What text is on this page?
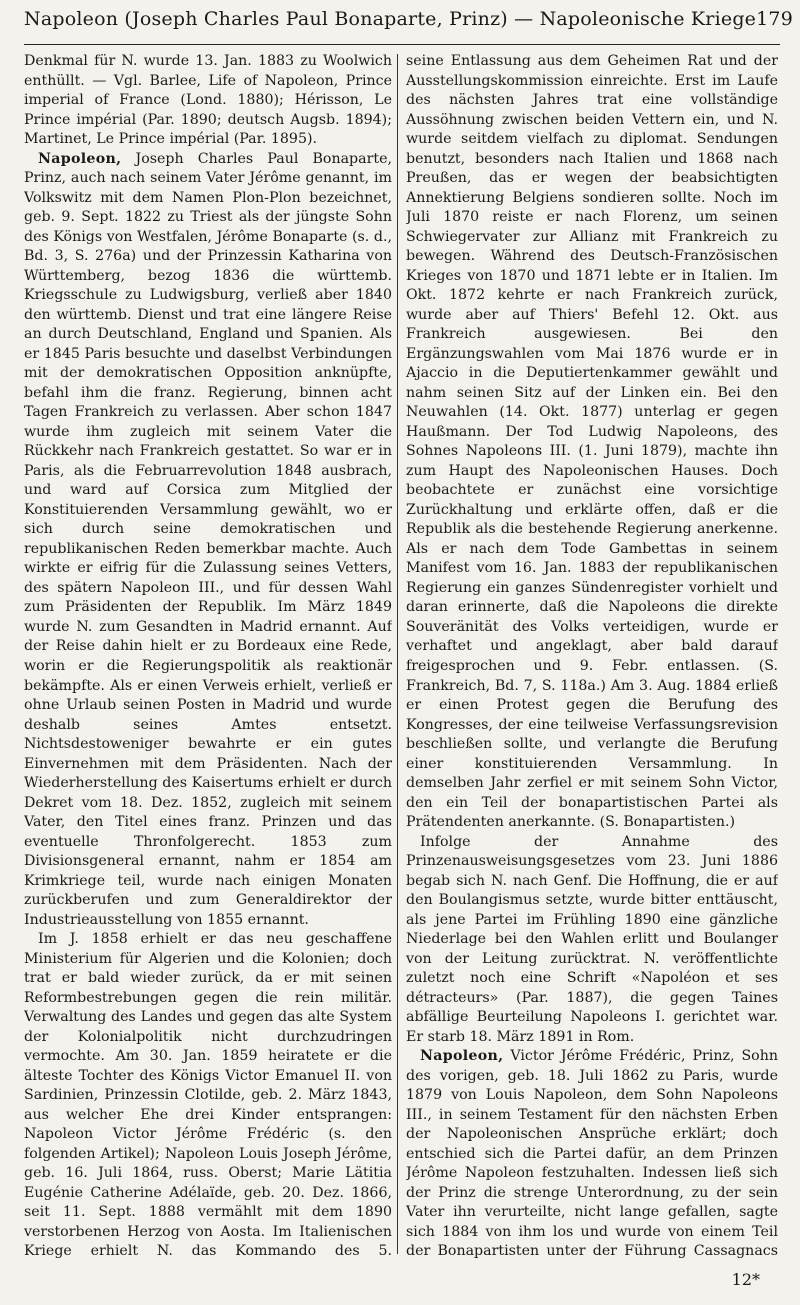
Napoleon (Joseph Charles Paul Bonaparte, Prinz) — Napoleonische Kriege 179

Denkmal für N. wurde 13. Jan. 1883 zu Woolwich enthüllt. — Vgl. Barlee, Life of Napoleon, Prince imperial of France (Lond. 1880); Hérisson, Le Prince impérial (Par. 1890; deutsch Augsb. 1894); Martinet, Le Prince impérial (Par. 1895).

Napoleon, Joseph Charles Paul Bonaparte, Prinz, auch nach seinem Vater Jérôme genannt, im Volkswitz mit dem Namen Plon-Plon bezeichnet, geb. 9. Sept. 1822 zu Triest als der jüngste Sohn des Königs von Westfalen, Jérôme Bonaparte (s. d., Bd. 3, S. 276a) und der Prinzessin Katharina von Württemberg, bezog 1836 die württemb. Kriegsschule zu Ludwigsburg, verließ aber 1840 den württemb. Dienst und trat eine längere Reise an durch Deutschland, England und Spanien. Als er 1845 Paris besuchte und daselbst Verbindungen mit der demokratischen Opposition anknüpfte, befahl ihm die franz. Regierung, binnen acht Tagen Frankreich zu verlassen. Aber schon 1847 wurde ihm zugleich mit seinem Vater die Rückkehr nach Frankreich gestattet. So war er in Paris, als die Februarrevolution 1848 ausbrach, und ward auf Corsica zum Mitglied der Konstituierenden Versammlung gewählt, wo er sich durch seine demokratischen und republikanischen Reden bemerkbar machte. Auch wirkte er eifrig für die Zulassung seines Vetters, des spätern Napoleon III., und für dessen Wahl zum Präsidenten der Republik. Im März 1849 wurde N. zum Gesandten in Madrid ernannt. Auf der Reise dahin hielt er zu Bordeaux eine Rede, worin er die Regierungspolitik als reaktionär bekämpfte. Als er einen Verweis erhielt, verließ er ohne Urlaub seinen Posten in Madrid und wurde deshalb seines Amtes entsetzt. Nichtsdestoweniger bewahrte er ein gutes Einvernehmen mit dem Präsidenten. Nach der Wiederherstellung des Kaisertums erhielt er durch Dekret vom 18. Dez. 1852, zugleich mit seinem Vater, den Titel eines franz. Prinzen und das eventuelle Thronfolgerecht. 1853 zum Divisionsgeneral ernannt, nahm er 1854 am Krimkriege teil, wurde nach einigen Monaten zurückberufen und zum Generaldirektor der Industrieausstellung von 1855 ernannt.

Im J. 1858 erhielt er das neu geschaffene Ministerium für Algerien und die Kolonien; doch trat er bald wieder zurück, da er mit seinen Reformbestrebungen gegen die rein militär. Verwaltung des Landes und gegen das alte System der Kolonialpolitik nicht durchzudringen vermochte. Am 30. Jan. 1859 heiratete er die älteste Tochter des Königs Victor Emanuel II. von Sardinien, Prinzessin Clotilde, geb. 2. März 1843, aus welcher Ehe drei Kinder entsprangen: Napoleon Victor Jérôme Frédéric (s. den folgenden Artikel); Napoleon Louis Joseph Jérôme, geb. 16. Juli 1864, russ. Oberst; Marie Lätitia Eugénie Catherine Adélaïde, geb. 20. Dez. 1866, seit 11. Sept. 1888 vermählt mit dem 1890 verstorbenen Herzog von Aosta. Im Italienischen Kriege erhielt N. das Kommando des 5.

seine Entlassung aus dem Geheimen Rat und der Ausstellungskommission einreichte. Erst im Laufe des nächsten Jahres trat eine vollständige Aussöhnung zwischen beiden Vettern ein, und N. wurde seitdem vielfach zu diplomat. Sendungen benutzt, besonders nach Italien und 1868 nach Preußen, das er wegen der beabsichtigten Annektierung Belgiens sondieren sollte. Noch im Juli 1870 reiste er nach Florenz, um seinen Schwiegervater zur Allianz mit Frankreich zu bewegen. Während des Deutsch-Französischen Krieges von 1870 und 1871 lebte er in Italien. Im Okt. 1872 kehrte er nach Frankreich zurück, wurde aber auf Thiers' Befehl 12. Okt. aus Frankreich ausgewiesen. Bei den Ergänzungswahlen vom Mai 1876 wurde er in Ajaccio in die Deputiertenkammer gewählt und nahm seinen Sitz auf der Linken ein. Bei den Neuwahlen (14. Okt. 1877) unterlag er gegen Haußmann. Der Tod Ludwig Napoleons, des Sohnes Napoleons III. (1. Juni 1879), machte ihn zum Haupt des Napoleonischen Hauses. Doch beobachtete er zunächst eine vorsichtige Zurückhaltung und erklärte offen, daß er die Republik als die bestehende Regierung anerkenne. Als er nach dem Tode Gambettas in seinem Manifest vom 16. Jan. 1883 der republikanischen Regierung ein ganzes Sündenregister vorhielt und daran erinnerte, daß die Napoleons die direkte Souveränität des Volks verteidigen, wurde er verhaftet und angeklagt, aber bald darauf freigesprochen und 9. Febr. entlassen. (S. Frankreich, Bd. 7, S. 118a.) Am 3. Aug. 1884 erließ er einen Protest gegen die Berufung des Kongresses, der eine teilweise Verfassungsrevision beschließen sollte, und verlangte die Berufung einer konstituierenden Versammlung. In demselben Jahr zerfiel er mit seinem Sohn Victor, den ein Teil der bonapartistischen Partei als Prätendenten anerkannte. (S. Bonapartisten.)

Infolge der Annahme des Prinzenausweisungsgesetzes vom 23. Juni 1886 begab sich N. nach Genf. Die Hoffnung, die er auf den Boulangismus setzte, wurde bitter enttäuscht, als jene Partei im Frühling 1890 eine gänzliche Niederlage bei den Wahlen erlitt und Boulanger von der Leitung zurücktrat. N. veröffentlichte zuletzt noch eine Schrift «Napoléon et ses détracteurs» (Par. 1887), die gegen Taines abfällige Beurteilung Napoleons I. gerichtet war. Er starb 18. März 1891 in Rom.

Napoleon, Victor Jérôme Frédéric, Prinz, Sohn des vorigen, geb. 18. Juli 1862 zu Paris, wurde 1879 von Louis Napoleon, dem Sohn Napoleons III., in seinem Testament für den nächsten Erben der Napoleonischen Ansprüche erklärt; doch entschied sich die Partei dafür, an dem Prinzen Jérôme Napoleon festzuhalten. Indessen ließ sich der Prinz die strenge Unterordnung, zu der sein Vater ihn verurteilte, nicht lange gefallen, sagte sich 1884 von ihm los und wurde von einem Teil der Bonapartisten unter der Führung Cassagnacs

12*
